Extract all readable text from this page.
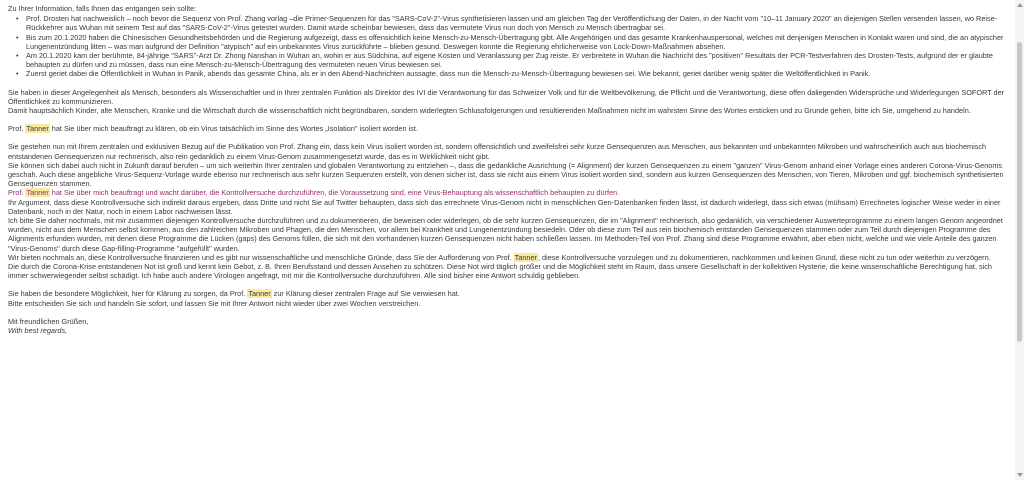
Zu Ihrer Information, falls Ihnen das entgangen sein sollte:

• Prof. Drosten hat nachweislich – noch bevor die Sequenz von Prof. Zhang vorlag –die Primer-Sequenzen für das "SARS-CoV-2"-Virus synthetisieren lassen und am gleichen Tag der Veröffentlichung der Daten, in der Nacht vom "10–11 January 2020" an diejenigen Stellen versenden lassen, wo Reise-Rückkehrer aus Wuhan mit seinem Test auf das "SARS-CoV-2"-Virus getestet wurden. Damit wurde scheinbar bewiesen, dass das vermutete Virus nun doch von Mensch zu Mensch übertragbar sei.
• Bis zum 20.1.2020 haben die Chinesischen Gesundheitsbehörden und die Regierung aufgezeigt, dass es offensichtlich keine Mensch-zu-Mensch-Übertragung gibt. Alle Angehörigen und das gesamte Krankenhauspersonal, welches mit denjenigen Menschen in Kontakt waren und sind, die an atypischer Lungenentzündung litten – was man aufgrund der Definition "atypisch" auf ein unbekanntes Virus zurückführte – blieben gesund. Deswegen konnte die Regierung ehrlicherweise von Lock-Down-Maßnahmen absehen.
• Am 20.1.2020 kam der berühmte, 84-jährige "SARS"-Arzt Dr. Zhong Nanshan in Wuhan an, wohin er aus Südchina, auf eigene Kosten und Veranlassung per Zug reiste. Er verbreitete in Wuhan die Nachricht des "positiven" Resultats der PCR-Testverfahren des Drosten-Tests, aufgrund der er glaubte behaupten zu dürfen und zu müssen, dass nun eine Mensch-zu-Mensch-Übertragung des vermuteten neuen Virus bewiesen sei.
• Zuerst geriet dabei die Öffentlichkeit in Wuhan in Panik, abends das gesamte China, als er in den Abend-Nachrichten aussagte, dass nun die Mensch-zu-Mensch-Übertragung bewiesen sei. Wie bekannt, geriet darüber wenig später die Weltöffentlichkeit in Panik.

Sie haben in dieser Angelegenheit als Mensch, besonders als Wissenschaftler und in Ihrer zentralen Funktion als Direktor des IVI die Verantwortung für das Schweizer Volk und für die Weltbevölkerung, die Pflicht und die Verantwortung, diese offen daliegenden Widersprüche und Widerlegungen SOFORT der Öffentlichkeit zu kommunizieren.

Damit hauptsächlich Kinder, alte Menschen, Kranke und die Wirtschaft durch die wissenschaftlich nicht begründbaren, sondern widerlegten Schlussfolgerungen und resultierenden Maßnahmen nicht im wahrsten Sinne des Wortes ersticken und zu Grunde gehen, bitte ich Sie, umgehend zu handeln.

Prof. Tanner hat Sie über mich beauftragt zu klären, ob ein Virus tatsächlich im Sinne des Wortes „Isolation" isoliert worden ist.

Sie gestehen nun mit Ihrem zentralen und exklusiven Bezug auf die Publikation von Prof. Zhang ein, dass kein Virus isoliert worden ist, sondern offensichtlich und zweifelsfrei sehr kurze Gensequenzen aus Menschen, aus bekannten und unbekannten Mikroben und wahrscheinlich auch aus biochemisch entstandenen Gensequenzen nur rechnerisch, also rein gedanklich zu einem Virus-Genom zusammengesetzt wurde, das es in Wirklichkeit nicht gibt.

Sie können sich dabei auch nicht in Zukunft darauf berufen – um sich weiterhin Ihrer zentralen und globalen Verantwortung zu entziehen –, dass die gedankliche Ausrichtung (= Alignment) der kurzen Gensequenzen zu einem "ganzen" Virus-Genom anhand einer Vorlage eines anderen Corona-Virus-Genoms geschah. Auch diese angebliche Virus-Sequenz-Vorlage wurde ebenso nur rechnerisch aus sehr kurzen Sequenzen erstellt, von denen sicher ist, dass sie nicht aus einem Virus isoliert worden sind, sondern aus kurzen Gensequenzen des Menschen, von Tieren, Mikroben und ggf. biochemisch synthetisierten Gensequenzen stammen.

Prof. Tanner hat Sie über mich beauftragt und wacht darüber, die Kontrollversuche durchzuführen, die Voraussetzung sind, eine Virus-Behauptung als wissenschaftlich behaupten zu dürfen.

Ihr Argument, dass diese Kontrollversuche sich indirekt daraus ergeben, dass Dritte und nicht Sie auf Twitter behaupten, dass sich das errechnete Virus-Genom nicht in menschlichen Gen-Datenbanken finden lässt, ist dadurch widerlegt, dass sich etwas (mühsam) Errechnetes logischer Weise weder in einer Datenbank, noch in der Natur, noch in einem Labor nachweisen lässt.

Ich bitte Sie daher nochmals, mit mir zusammen diejenigen Kontrollversuche durchzuführen und zu dokumentieren, die beweisen oder widerlegen, ob die sehr kurzen Gensequenzen, die im "Alignment" rechnerisch, also gedanklich, via verschiedener Auswerteprogramme zu einem langen Genom angeordnet wurden, nicht aus dem Menschen selbst kommen, aus den zahlreichen Mikroben und Phagen, die den Menschen, vor allem bei Krankheit und Lungenentzündung besiedeln. Oder ob diese zum Teil aus rein biochemisch entstanden Gensequenzen stammen oder zum Teil durch diejenigen Programme des Alignments erfunden wurden, mit denen diese Programme die Lücken (gaps) des Genoms füllen, die sich mit den vorhandenen kurzen Gensequenzen nicht haben schließen lassen. Im Methoden-Teil von Prof. Zhang sind diese Programme erwähnt, aber eben nicht, welche und wie viele Anteile des ganzen "Virus-Genoms" durch diese Gap-filling-Programme "aufgefüllt" wurden.

Wir bieten nochmals an, diese Kontrollversuche finanzieren und es gibt nur wissenschaftliche und menschliche Gründe, dass Sie der Aufforderung von Prof. Tanner, diese Kontrollversuche vorzulegen und zu dokumentieren, nachkommen und keinen Grund, diese nicht zu tun oder weiterhin zu verzögern.

Die durch die Corona-Krise entstandenen Not ist groß und kennt kein Gebot, z. B. Ihren Berufsstand und dessen Ansehen zu schützen. Diese Not wird täglich größer und die Möglichkeit steht im Raum, dass unsere Gesellschaft in der kollektiven Hysterie, die keine wissenschaftliche Berechtigung hat, sich immer schwerwiegender selbst schädigt. Ich habe auch andere Virologen angefragt, mit mir die Kontrollversuche durchzuführen. Alle sind bisher eine Antwort schuldig geblieben.

Sie haben die besondere Möglichkeit, hier für Klärung zu sorgen, da Prof. Tanner zur Klärung dieser zentralen Frage auf Sie verwiesen hat.

Bitte entscheiden Sie sich und handeln Sie sofort, und lassen Sie mit Ihrer Antwort nicht wieder über zwei Wochen verstreichen.

Mit freundlichen Grüßen,

With best regards,
